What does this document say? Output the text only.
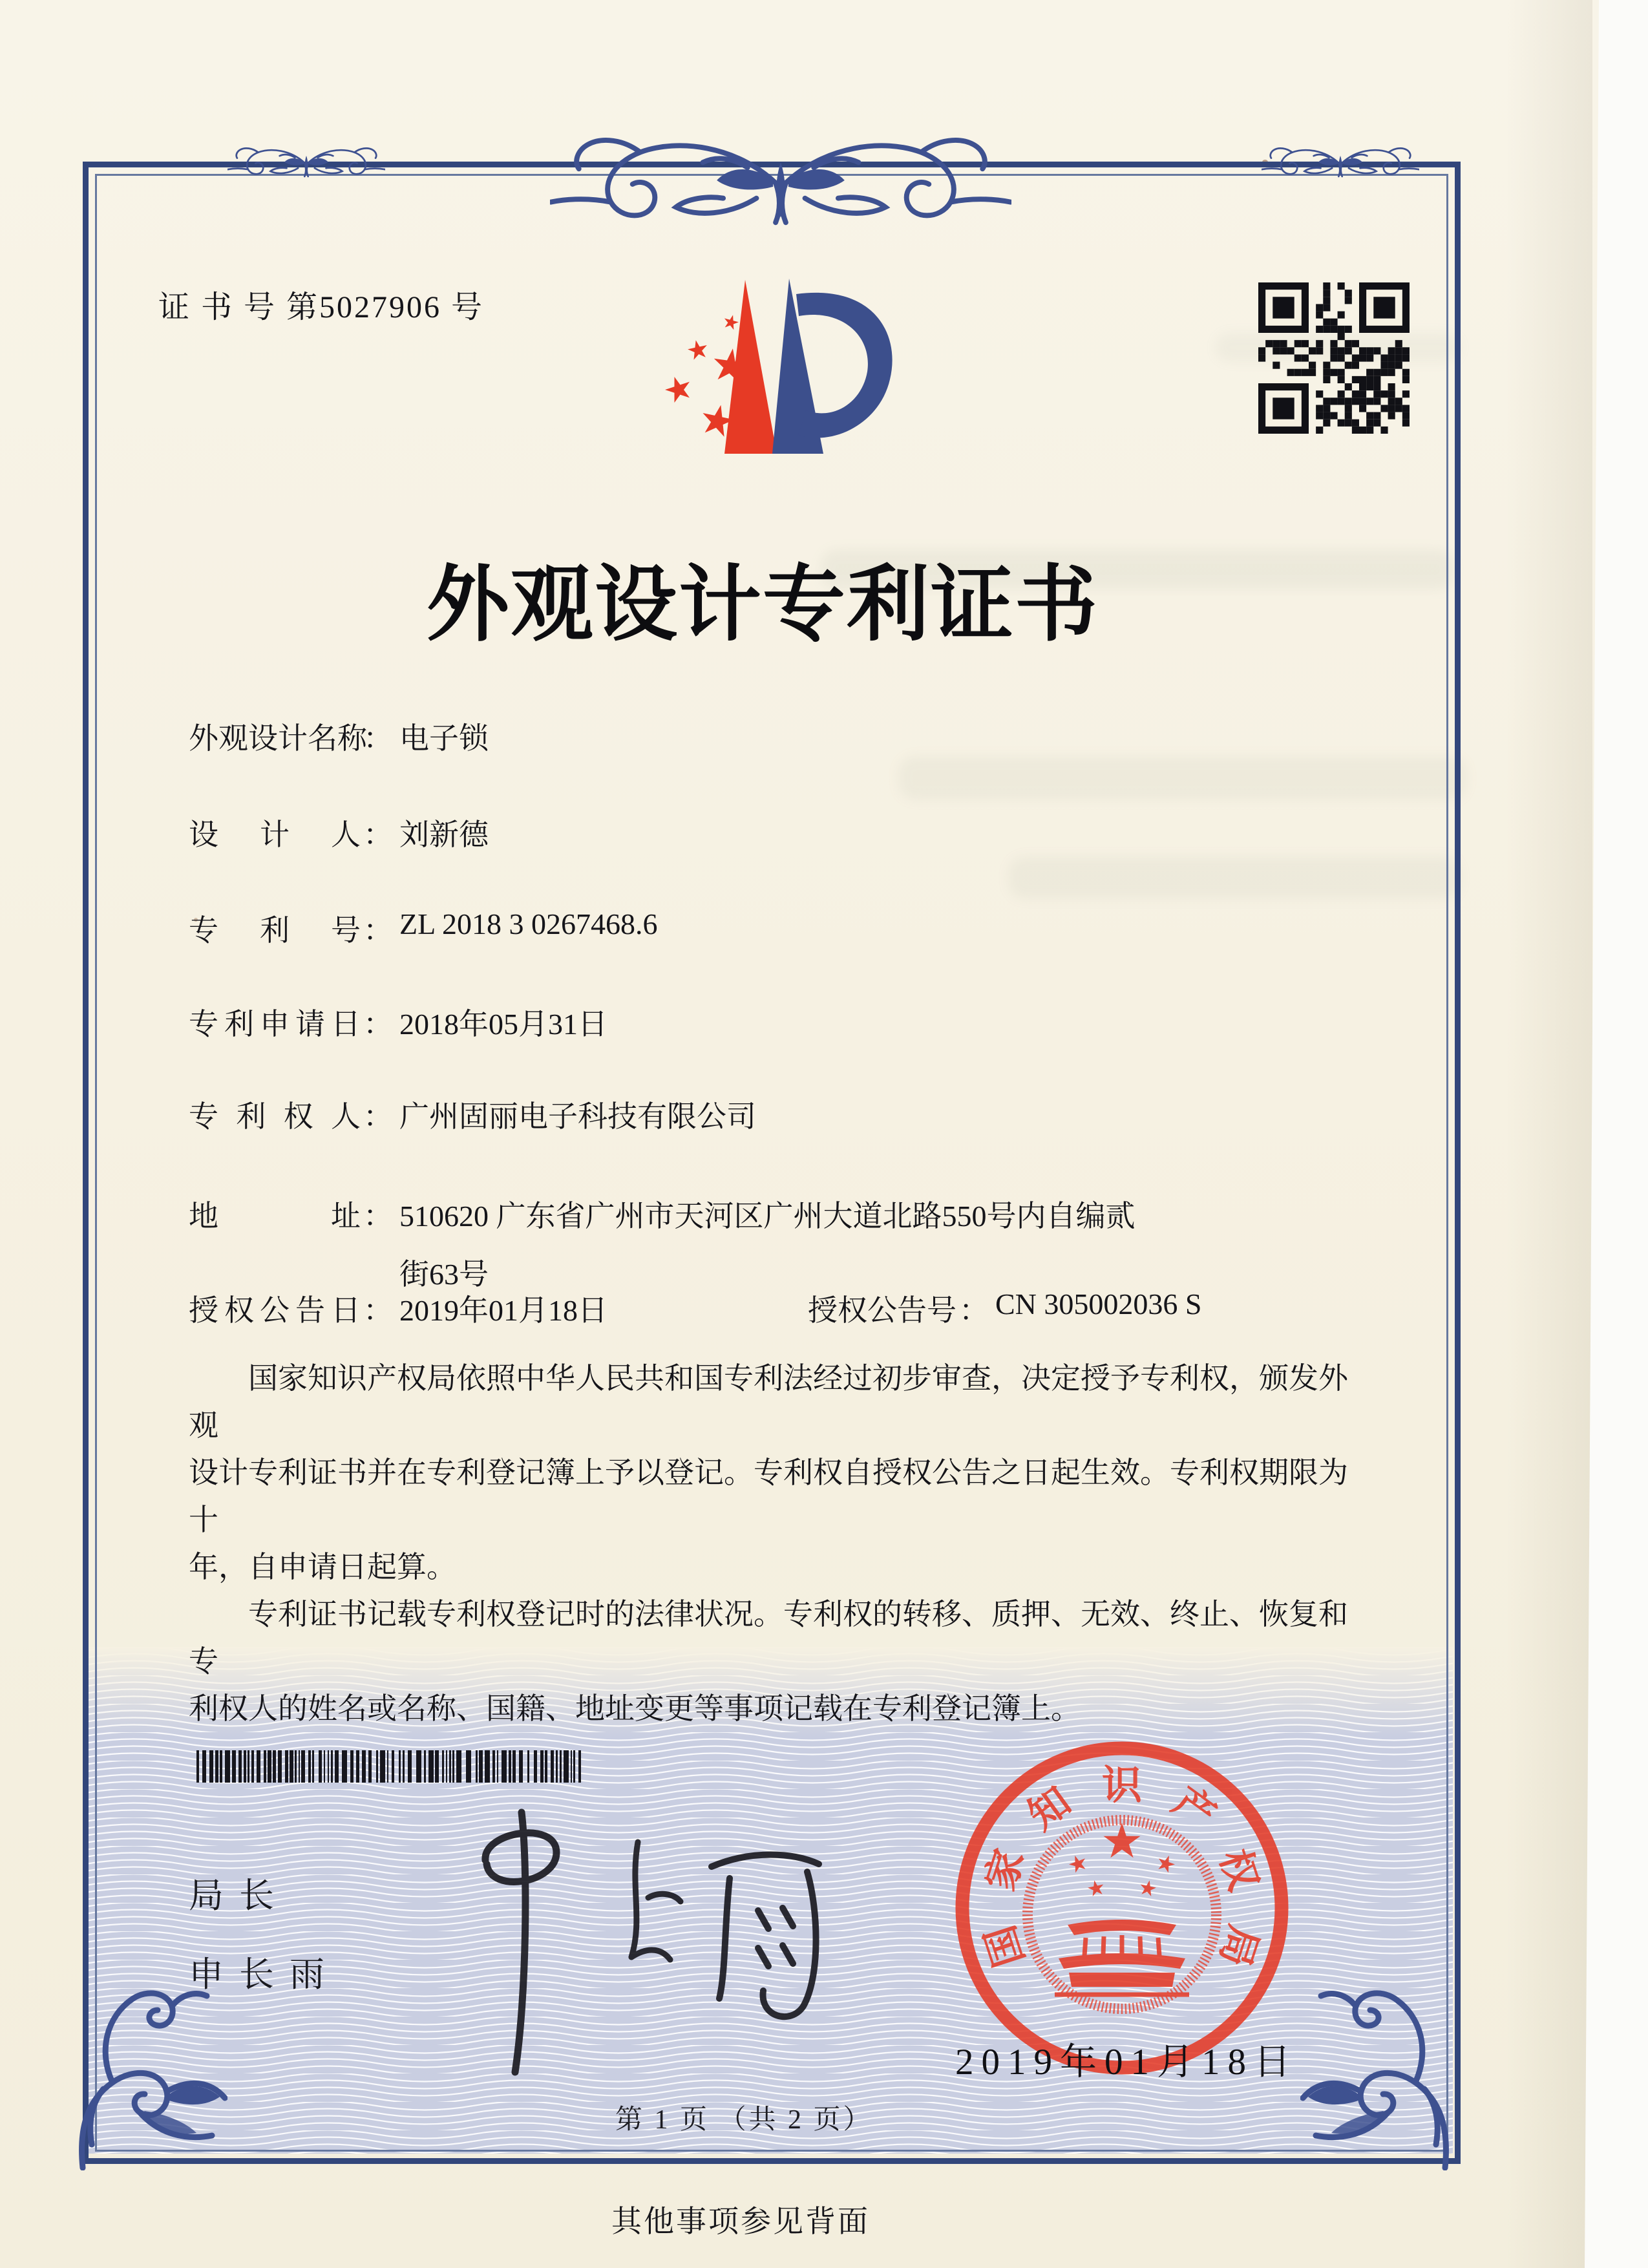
证 书 号 第5027906 号
外观设计专利证书
外观设计名称
： 电子锁
设计人 ： 刘新德
专利号 ： ZL 2018 3 0267468.6
专利申请日 ： 2018年05月31日
专利权人 ： 广州固丽电子科技有限公司
地址 ： 510620 广东省广州市天河区广州大道北路550号内自编贰
街63号
授权公告日 ： 2019年01月18日	授权公告号 ： CN 305002036 S
国家知识产权局依照中华人民共和国专利法经过初步审查，决定授予专利权，颁发外观
设计专利证书并在专利登记簿上予以登记。专利权自授权公告之日起生效。专利权期限为十
年，自申请日起算。
专利证书记载专利权登记时的法律状况。专利权的转移、质押、无效、终止、恢复和专
利权人的姓名或名称、国籍、地址变更等事项记载在专利登记簿上。
局长
申长雨
国
家
知 识 产
权
局
2019年01月18日
第 1 页 （共 2 页）
其他事项参见背面
